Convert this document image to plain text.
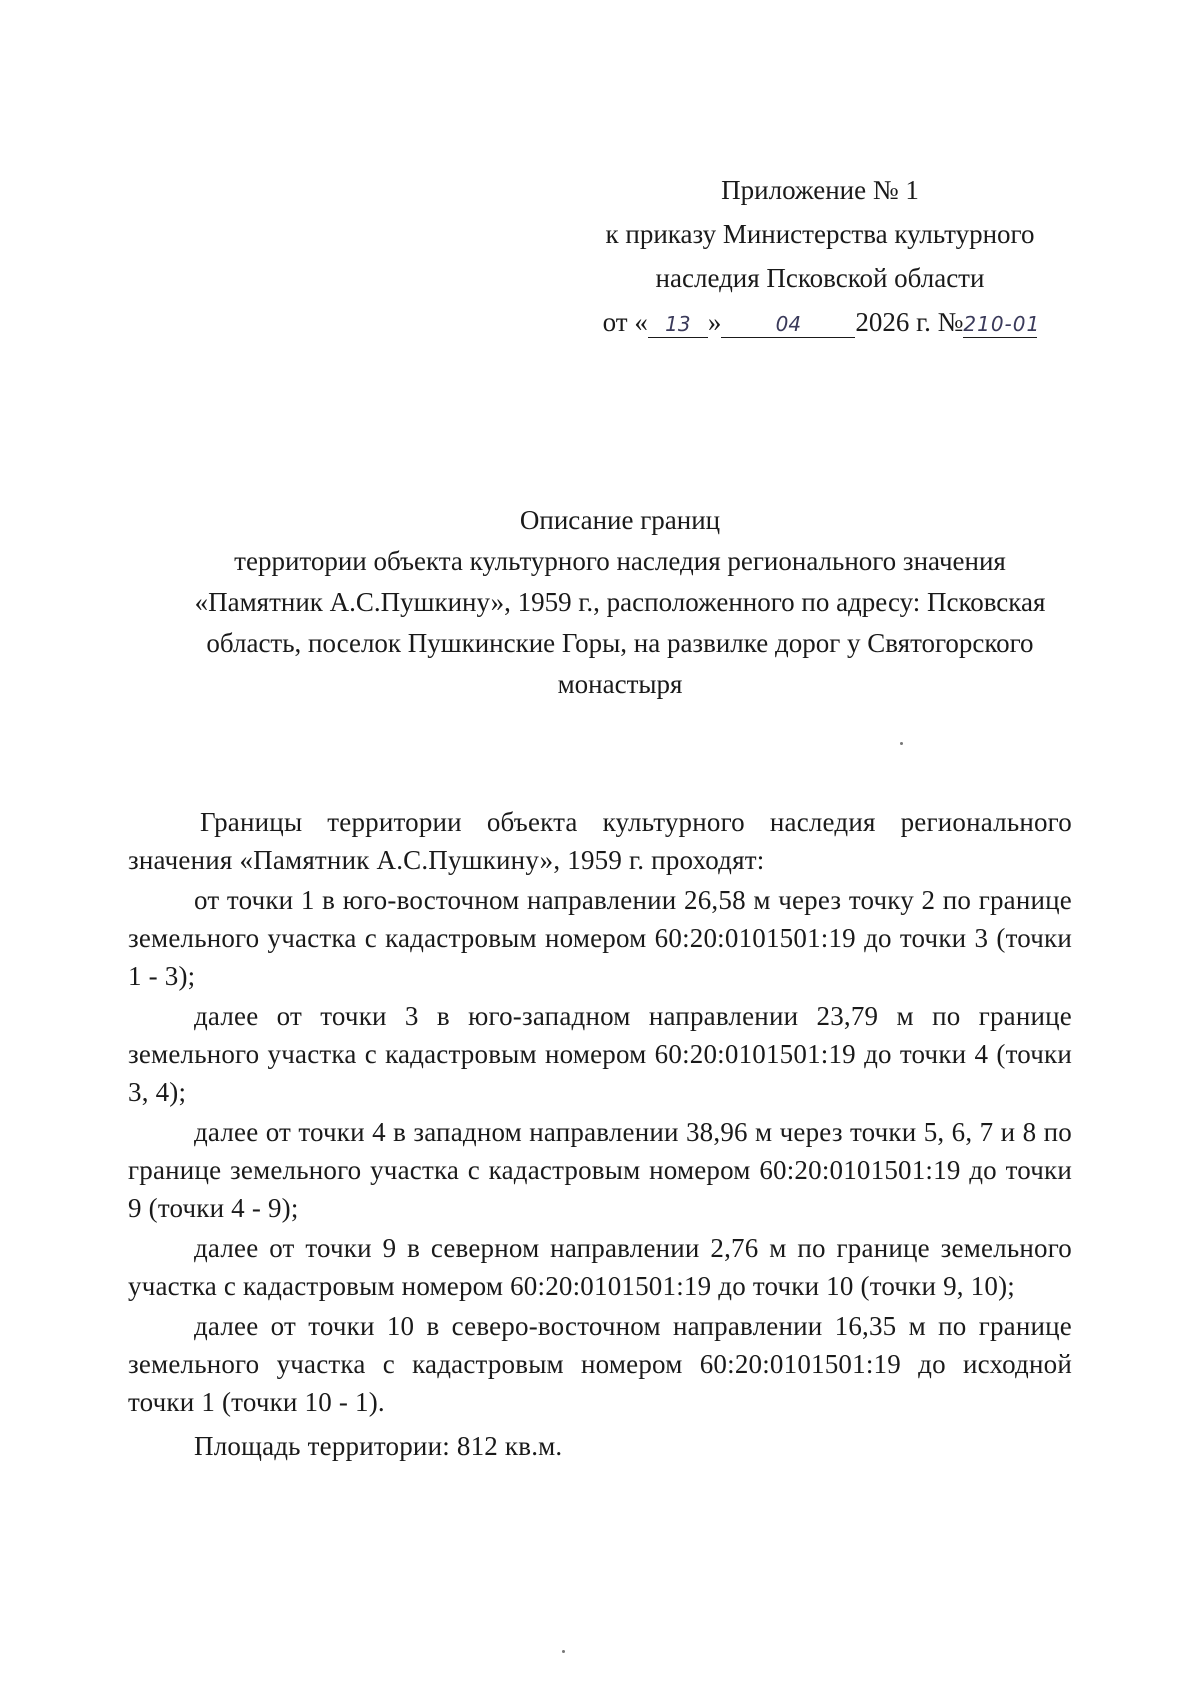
Приложение № 1
к приказу Министерства культурного
наследия Псковской области
от « 13 »	04 2026 г. №210-01
Описание границ
территории объекта культурного наследия регионального значения
«Памятник А.С.Пушкину», 1959 г., расположенного по адресу: Псковская
область, поселок Пушкинские Горы, на развилке дорог у Святогорского
монастыря

Границы территории объекта культурного наследия регионального значения «Памятник А.С.Пушкину», 1959 г. проходят:

от точки 1 в юго-восточном направлении 26,58 м через точку 2 по границе земельного участка с кадастровым номером 60:20:0101501:19 до точки 3 (точки 1 - 3);

далее от точки 3 в юго-западном направлении 23,79 м по границе земельного участка с кадастровым номером 60:20:0101501:19 до точки 4 (точки 3, 4);

далее от точки 4 в западном направлении 38,96 м через точки 5, 6, 7 и 8 по границе земельного участка с кадастровым номером 60:20:0101501:19 до точки 9 (точки 4 - 9);

далее от точки 9 в северном направлении 2,76 м по границе земельного участка с кадастровым номером 60:20:0101501:19 до точки 10 (точки 9, 10);

далее от точки 10 в северо-восточном направлении 16,35 м по границе земельного участка с кадастровым номером 60:20:0101501:19 до исходной точки 1 (точки 10 - 1).

Площадь территории: 812 кв.м.
